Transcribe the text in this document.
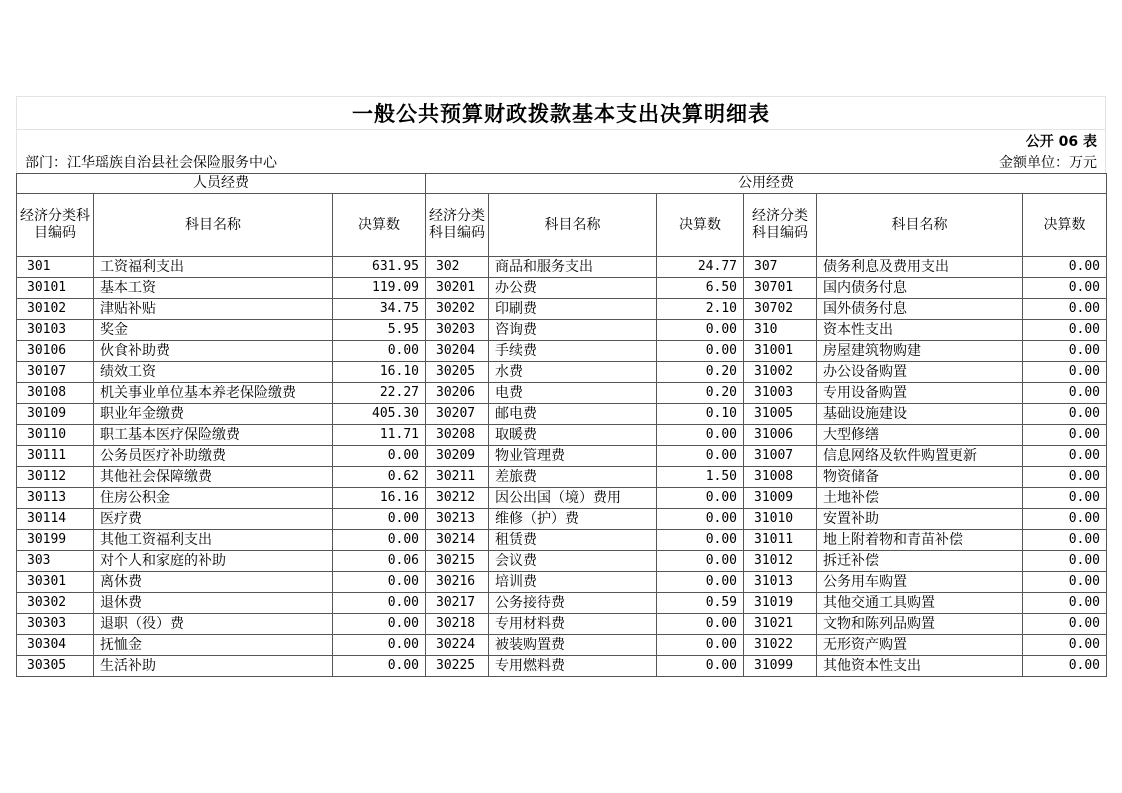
一般公共预算财政拨款基本支出决算明细表
公开 06 表
部门：江华瑶族自治县社会保险服务中心	金额单位：万元
人员经费			公用经费					
经济分类科目编码	科目名称	决算数	经济分类科目编码	科目名称	决算数	经济分类科目编码	科目名称	决算数
301	工资福利支出	631.95	302	商品和服务支出	24.77	307	债务利息及费用支出	0.00
30101	基本工资	119.09	30201	办公费	6.50	30701	国内债务付息	0.00
30102	津贴补贴	34.75	30202	印刷费	2.10	30702	国外债务付息	0.00
30103	奖金	5.95	30203	咨询费	0.00	310	资本性支出	0.00
30106	伙食补助费	0.00	30204	手续费	0.00	31001	房屋建筑物购建	0.00
30107	绩效工资	16.10	30205	水费	0.20	31002	办公设备购置	0.00
30108	机关事业单位基本养老保险缴费	22.27	30206	电费	0.20	31003	专用设备购置	0.00
30109	职业年金缴费	405.30	30207	邮电费	0.10	31005	基础设施建设	0.00
30110	职工基本医疗保险缴费	11.71	30208	取暖费	0.00	31006	大型修缮	0.00
30111	公务员医疗补助缴费	0.00	30209	物业管理费	0.00	31007	信息网络及软件购置更新	0.00
30112	其他社会保障缴费	0.62	30211	差旅费	1.50	31008	物资储备	0.00
30113	住房公积金	16.16	30212	因公出国（境）费用	0.00	31009	土地补偿	0.00
30114	医疗费	0.00	30213	维修（护）费	0.00	31010	安置补助	0.00
30199	其他工资福利支出	0.00	30214	租赁费	0.00	31011	地上附着物和青苗补偿	0.00
303	对个人和家庭的补助	0.06	30215	会议费	0.00	31012	拆迁补偿	0.00
30301	离休费	0.00	30216	培训费	0.00	31013	公务用车购置	0.00
30302	退休费	0.00	30217	公务接待费	0.59	31019	其他交通工具购置	0.00
30303	退职（役）费	0.00	30218	专用材料费	0.00	31021	文物和陈列品购置	0.00
30304	抚恤金	0.00	30224	被装购置费	0.00	31022	无形资产购置	0.00
30305	生活补助	0.00	30225	专用燃料费	0.00	31099	其他资本性支出	0.00
